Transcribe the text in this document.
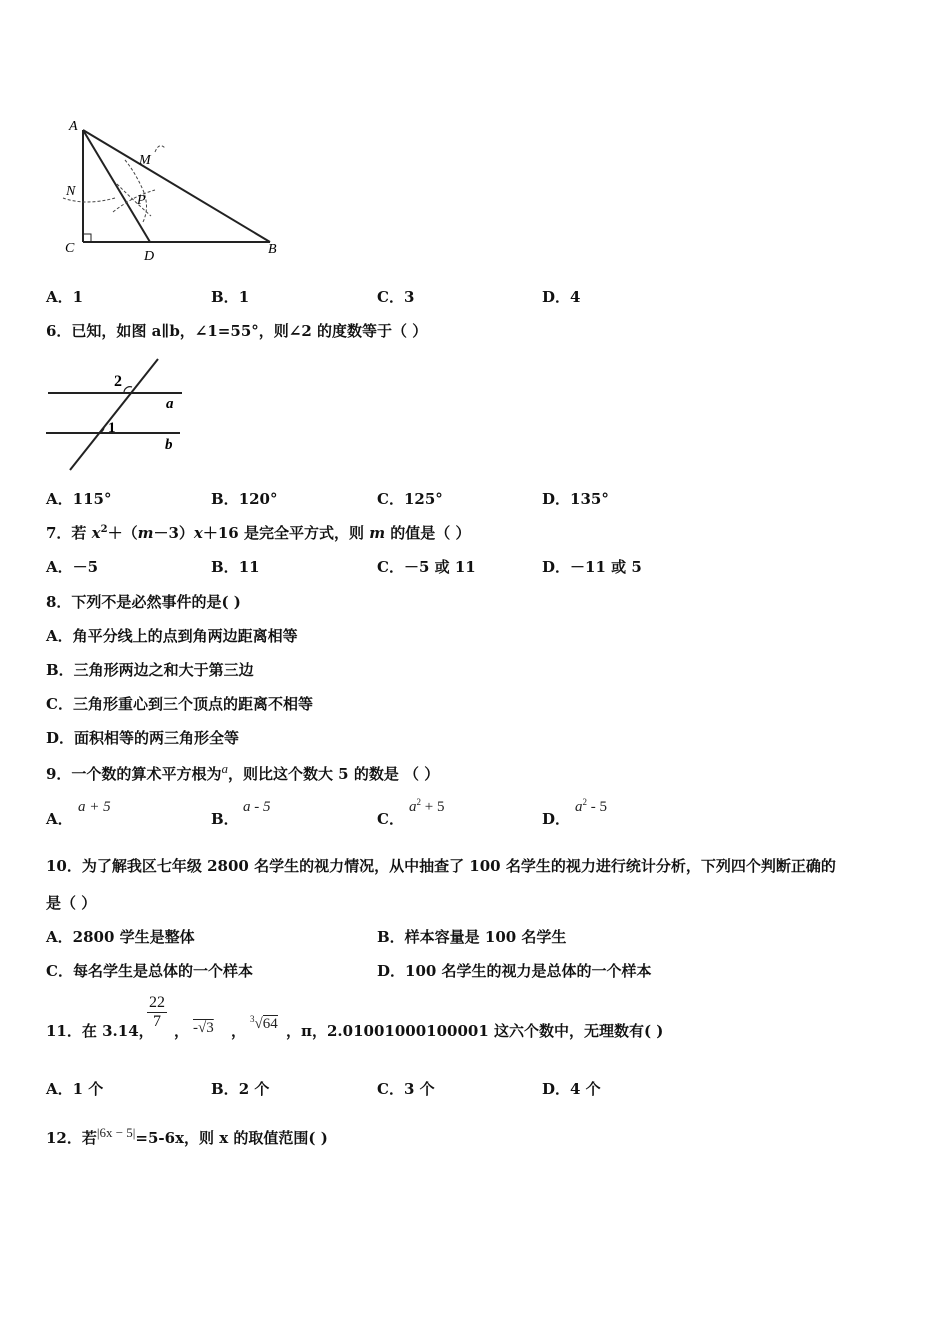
A
M
N
P
C
D	B
A．1	B．1	C．3	D．4
6．已知，如图 a∥b，∠1=55°，则∠2 的度数等于（ ）
2
1
a
b
A．115°	B．120°	C．125°	D．135°
7．若 $x^2+(m-3)x+16$ 是完全平方式，则 m 的值是（ ）
A．－5	B．11	C．－5 或 11	D．－11 或 5
8．下列不是必然事件的是( )
A．角平分线上的点到角两边距离相等
B．三角形两边之和大于第三边
C．三角形重心到三个顶点的距离不相等
D．面积相等的两三角形全等
9．一个数的算术平方根为$^a$，则比这个数大 5 的数是 （ ）
A．
a + 5
B．
a - 5
C．
$a^2 + 5$
D．
$a^2 - 5$
10．为了解我区七年级 2800 名学生的视力情况，从中抽查了 100 名学生的视力进行统计分析，下列四个判断正确的
是（ ）
A．2800 学生是整体	B．样本容量是 100 名学生
C．每名学生是总体的一个样本	D．100 名学生的视力是总体的一个样本
11．在 3.14，
$\frac{22}{7}$ ， -√3 ，
$^3$√64 ，π，2.01001000100001 这六个数中，无理数有( )
A．1 个	B．2 个	C．3 个	D．4 个
12．若$^{|6x - 5|}$=5-6x，则 x 的取值范围( )
